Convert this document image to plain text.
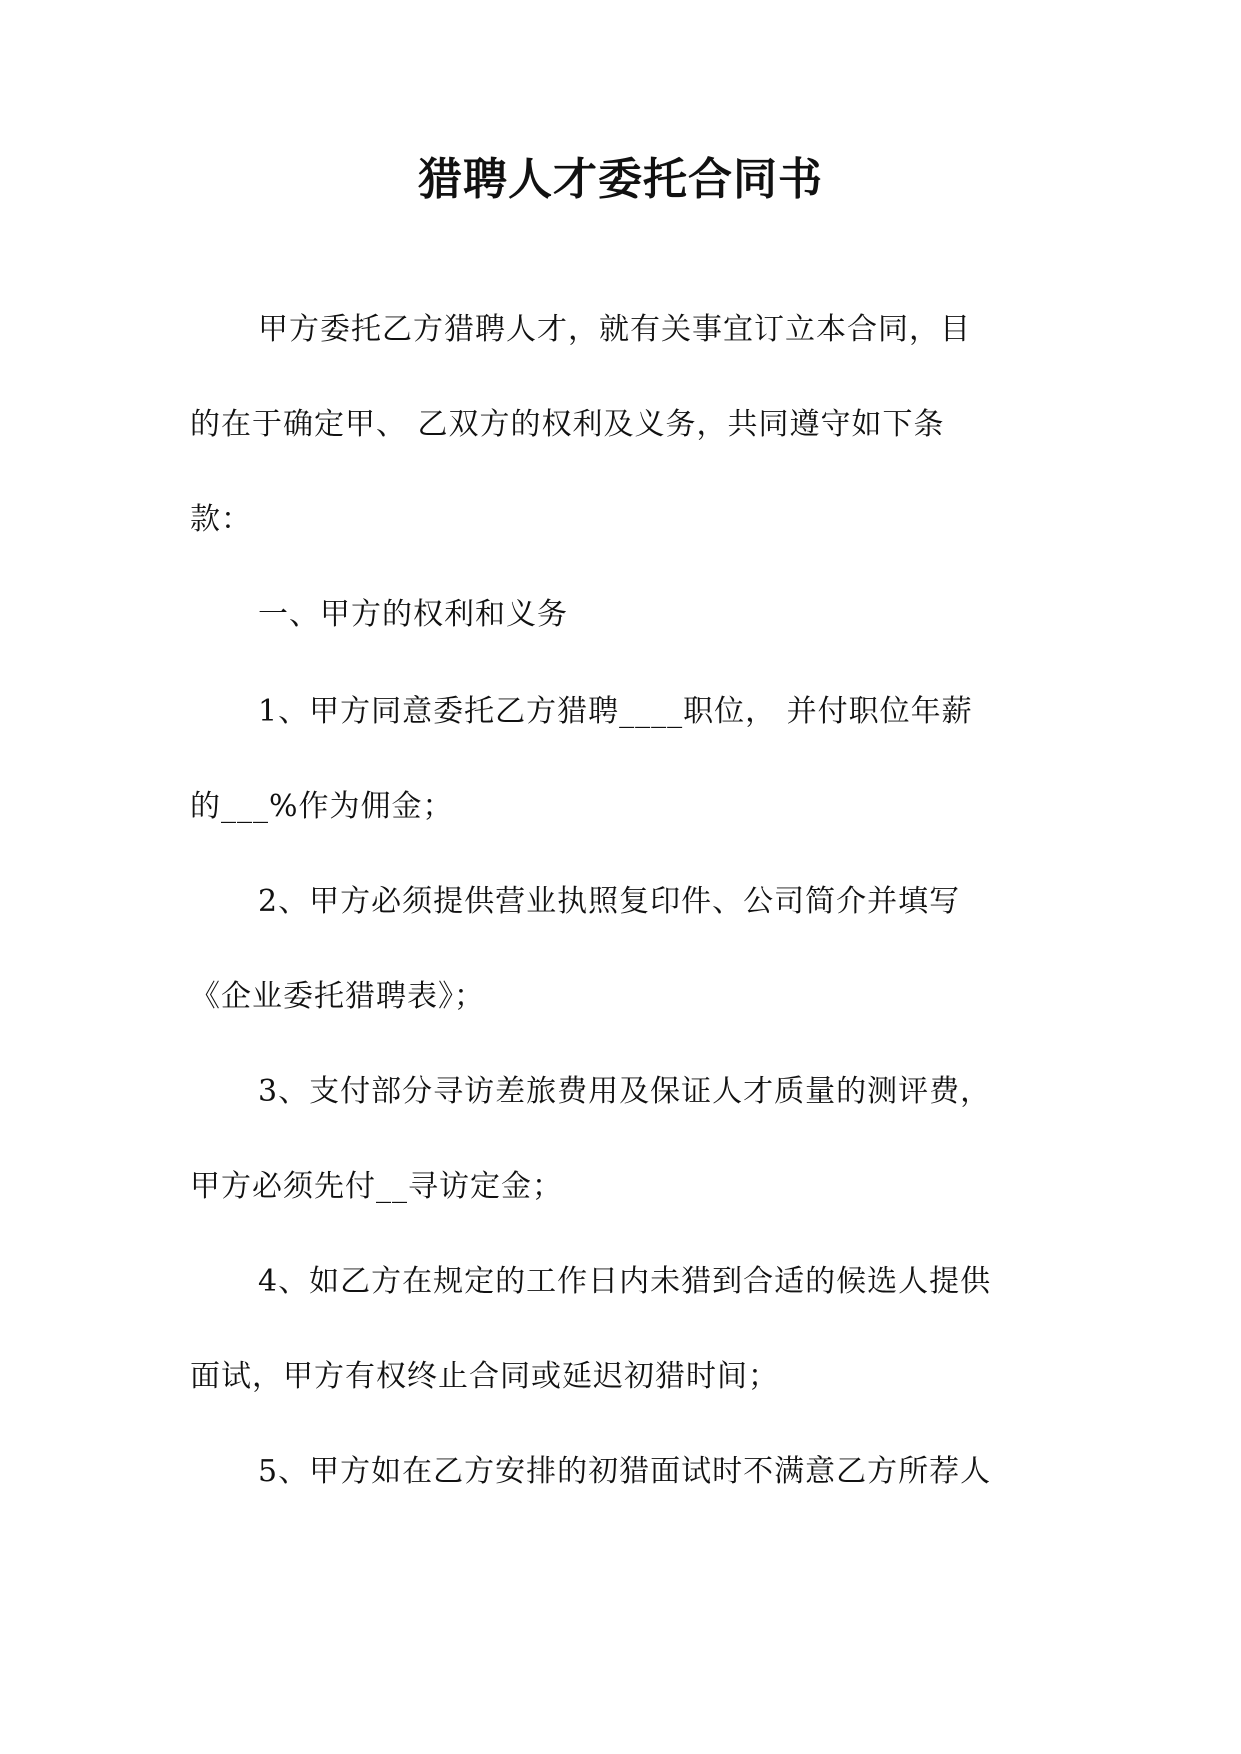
猎聘人才委托合同书
甲方委托乙方猎聘人才，就有关事宜订立本合同，目
的在于确定甲、 乙双方的权利及义务，共同遵守如下条
款：
一、甲方的权利和义务
1、甲方同意委托乙方猎聘____职位， 并付职位年薪
的___%作为佣金；
2、甲方必须提供营业执照复印件、公司简介并填写
《企业委托猎聘表》；
3、支付部分寻访差旅费用及保证人才质量的测评费，
甲方必须先付__寻访定金；
4、如乙方在规定的工作日内未猎到合适的候选人提供
面试，甲方有权终止合同或延迟初猎时间；
5、甲方如在乙方安排的初猎面试时不满意乙方所荐人
